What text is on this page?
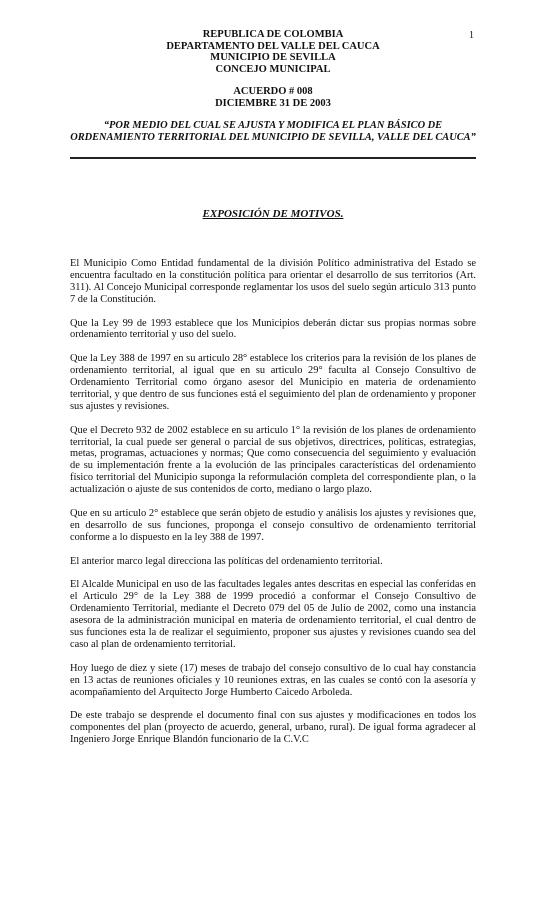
1
REPUBLICA DE COLOMBIA
DEPARTAMENTO DEL VALLE DEL CAUCA
MUNICIPIO DE SEVILLA
CONCEJO MUNICIPAL
ACUERDO # 008
DICIEMBRE 31 DE 2003
“POR MEDIO DEL CUAL SE AJUSTA Y MODIFICA EL PLAN BÁSICO DE ORDENAMIENTO TERRITORIAL DEL MUNICIPIO DE SEVILLA, VALLE DEL CAUCA”
EXPOSICIÓN DE MOTIVOS.

El Municipio Como Entidad fundamental de la división Político administrativa del Estado se encuentra facultado en la constitución política para orientar el desarrollo de sus territorios (Art. 311). Al Concejo Municipal corresponde reglamentar los usos del suelo según articulo 313 punto 7 de la Constitución.

Que la Ley 99 de 1993 establece que los Municipios deberán dictar sus propias normas sobre ordenamiento territorial y uso del suelo.

Que la Ley 388 de 1997 en su articulo 28° establece los criterios para la revisión de los planes de ordenamiento territorial, al igual que en su articulo 29° faculta al Consejo Consultivo de Ordenamiento Territorial como órgano asesor del Municipio en materia de ordenamiento territorial, y que dentro de sus funciones está el seguimiento del plan de ordenamiento y proponer sus ajustes y revisiones.

Que el Decreto 932 de 2002 establece en su articulo 1° la revisión de los planes de ordenamiento territorial, la cual puede ser general o parcial de sus objetivos, directrices, políticas, estrategias, metas, programas, actuaciones y normas; Que como consecuencia del seguimiento y evaluación de su implementación frente a la evolución de las principales características del ordenamiento físico territorial del Municipio suponga la reformulación completa del correspondiente plan, o la actualización o ajuste de sus contenidos de corto, mediano o largo plazo.

Que en su articulo 2° establece que serán objeto de estudio y análisis los ajustes y revisiones que, en desarrollo de sus funciones, proponga el consejo consultivo de ordenamiento territorial conforme a lo dispuesto en la ley 388 de 1997.

El anterior marco legal direcciona las políticas del ordenamiento territorial.

El Alcalde Municipal en uso de las facultades legales antes descritas en especial las conferidas en el Articulo 29° de la Ley 388 de 1999 procedió a conformar el Consejo Consultivo de Ordenamiento Territorial, mediante el Decreto 079 del 05 de Julio de 2002, como una instancia asesora de la administración municipal en materia de ordenamiento territorial, el cual dentro de sus funciones esta la de realizar el seguimiento, proponer sus ajustes y revisiones cuando sea del caso al plan de ordenamiento territorial.

Hoy luego de diez y siete (17) meses de trabajo del consejo consultivo de lo cual hay constancia en 13 actas de reuniones oficiales y 10 reuniones extras, en las cuales se contó con la asesoría y acompañamiento del Arquitecto Jorge Humberto Caicedo Arboleda.

De este trabajo se desprende el documento final con sus ajustes y modificaciones en todos los componentes del plan (proyecto de acuerdo, general, urbano, rural). De igual forma agradecer al Ingeniero Jorge Enrique Blandón funcionario de la C.V.C
